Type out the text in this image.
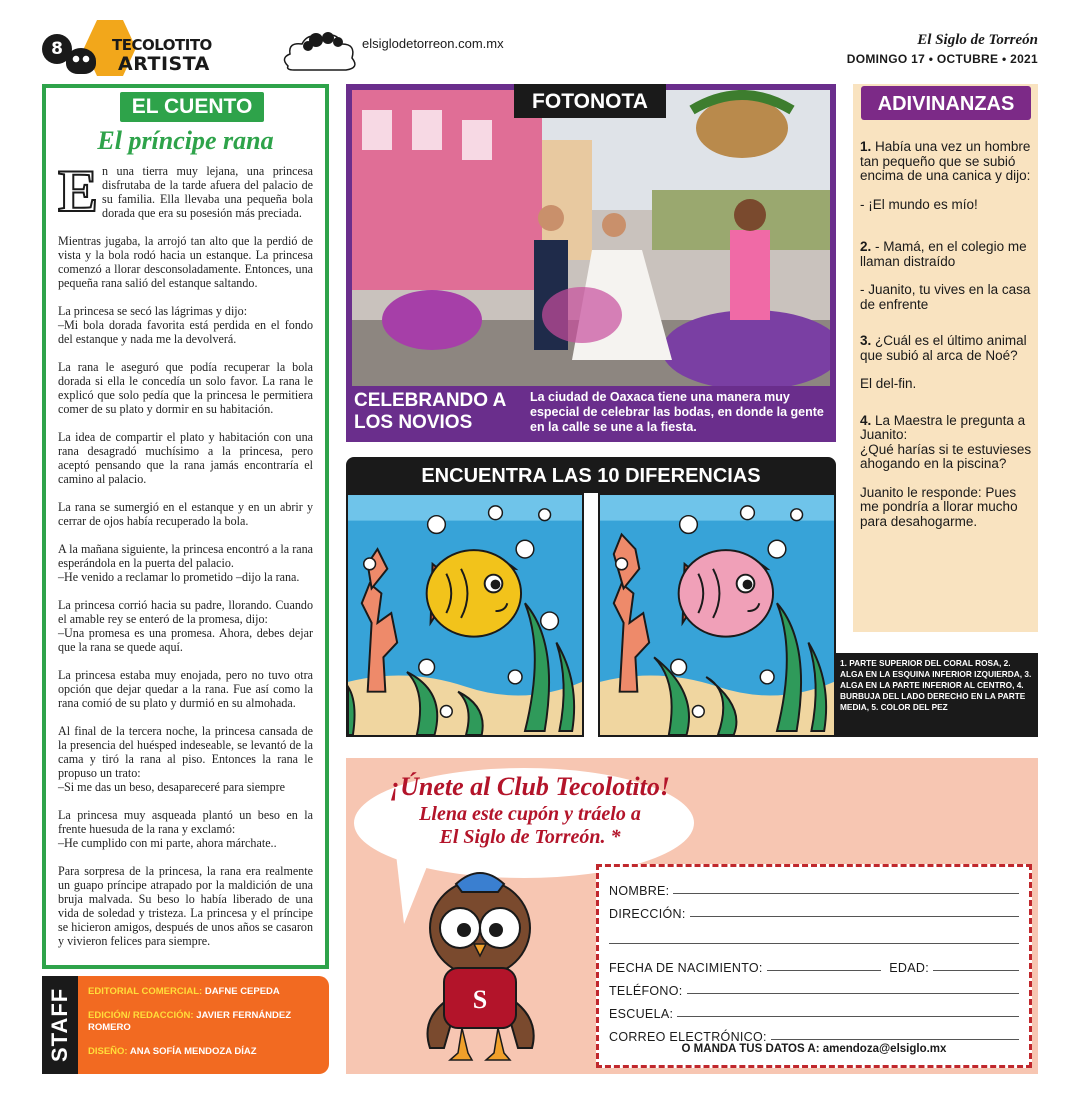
8	TECOLOTITO
ARTISTA
elsiglodetorreon.com.mx	El Siglo de Torreón
DOMINGO 17 • OCTUBRE • 2021
EL CUENTO
El príncipe rana

En una tierra muy lejana, una princesa disfrutaba de la tarde afuera del palacio de su familia. Ella llevaba una pequeña bola dorada que era su posesión más preciada.

Mientras jugaba, la arrojó tan alto que la perdió de vista y la bola rodó hacia un estanque. La princesa comenzó a llorar desconsoladamente. Entonces, una pequeña rana salió del estanque saltando.

La princesa se secó las lágrimas y dijo:
–Mi bola dorada favorita está perdida en el fondo del estanque y nada me la devolverá.

La rana le aseguró que podía recuperar la bola dorada si ella le concedía un solo favor. La rana le explicó que solo pedía que la princesa le permitiera comer de su plato y dormir en su habitación.

La idea de compartir el plato y habitación con una rana desagradó muchísimo a la princesa, pero aceptó pensando que la rana jamás encontraría el camino al palacio.

La rana se sumergió en el estanque y en un abrir y cerrar de ojos había recuperado la bola.

A la mañana siguiente, la princesa encontró a la rana esperándola en la puerta del palacio.
–He venido a reclamar lo prometido –dijo la rana.

La princesa corrió hacia su padre, llorando. Cuando el amable rey se enteró de la promesa, dijo:
–Una promesa es una promesa. Ahora, debes dejar que la rana se quede aquí.

La princesa estaba muy enojada, pero no tuvo otra opción que dejar quedar a la rana. Fue así como la rana comió de su plato y durmió en su almohada.

Al final de la tercera noche, la princesa cansada de la presencia del huésped indeseable, se levantó de la cama y tiró la rana al piso. Entonces la rana le propuso un trato:
–Si me das un beso, desapareceré para siempre

La princesa muy asqueada plantó un beso en la frente huesuda de la rana y exclamó:
–He cumplido con mi parte, ahora márchate..

Para sorpresa de la princesa, la rana era realmente un guapo príncipe atrapado por la maldición de una bruja malvada. Su beso lo había liberado de una vida de soledad y tristeza. La princesa y el príncipe se hicieron amigos, después de unos años se casaron y vivieron felices para siempre.

STAFF	EDITORIAL COMERCIAL: DAFNE CEPEDA
EDICIÓN/ REDACCIÓN: JAVIER FERNÁNDEZ ROMERO
DISEÑO: ANA SOFÍA MENDOZA DÍAZ
FOTONOTA
CELEBRANDO A LOS NOVIOS
La ciudad de Oaxaca tiene una manera muy especial de celebrar las bodas, en donde la gente en la calle se une a la fiesta.
ENCUENTRA LAS 10 DIFERENCIAS
1. PARTE SUPERIOR DEL CORAL ROSA, 2. ALGA EN LA ESQUINA INFERIOR IZQUIERDA, 3. ALGA EN LA PARTE INFERIOR AL CENTRO, 4. BURBUJA DEL LADO DERECHO EN LA PARTE MEDIA, 5. COLOR DEL PEZ
ADIVINANZAS

1. Había una vez un hombre tan pequeño que se subió encima de una canica y dijo:

- ¡El mundo es mío!

2. - Mamá, en el colegio me llaman distraído

- Juanito, tu vives en la casa de enfrente

3. ¿Cuál es el último animal que subió al arca de Noé?

El del-fin.

4. La Maestra le pregunta a Juanito:
¿Qué harías si te estuvieses ahogando en la piscina?

Juanito le responde: Pues me pondría a llorar mucho para desahogarme.

¡Únete al Club Tecolotito!
Llena este cupón y tráelo a
El Siglo de Torreón. *
S
NOMBRE:
DIRECCIÓN:
FECHA DE NACIMIENTO:	EDAD:
TELÉFONO:
ESCUELA:
CORREO ELECTRÓNICO:
O MANDA TUS DATOS A: amendoza@elsiglo.mx
